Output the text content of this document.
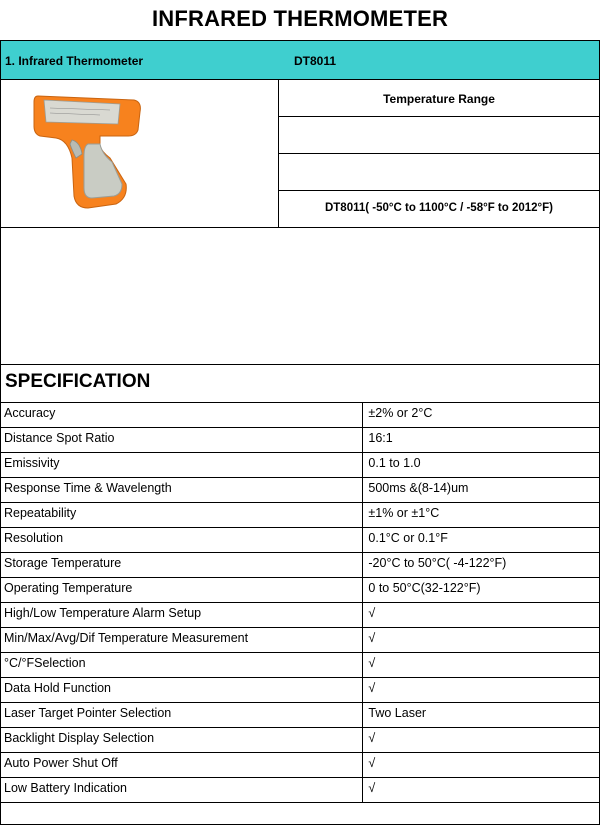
INFRARED THERMOMETER
1. Infrared Thermometer	DT8011
Temperature Range
DT8011( -50°C to 1100°C / -58°F to 2012°F)
SPECIFICATION
Accuracy	±2% or 2°C
Distance Spot Ratio	16:1
Emissivity	0.1 to 1.0
Response Time & Wavelength	500ms &(8-14)um
Repeatability	±1% or ±1°C
Resolution	0.1°C or 0.1°F
Storage Temperature	-20°C to 50°C( -4-122°F)
Operating Temperature	0 to 50°C(32-122°F)
High/Low Temperature Alarm Setup	√
Min/Max/Avg/Dif Temperature Measurement	√
°C/°FSelection	√
Data Hold Function	√
Laser Target Pointer Selection	Two Laser
Backlight Display Selection	√
Auto Power Shut Off	√
Low Battery Indication	√
